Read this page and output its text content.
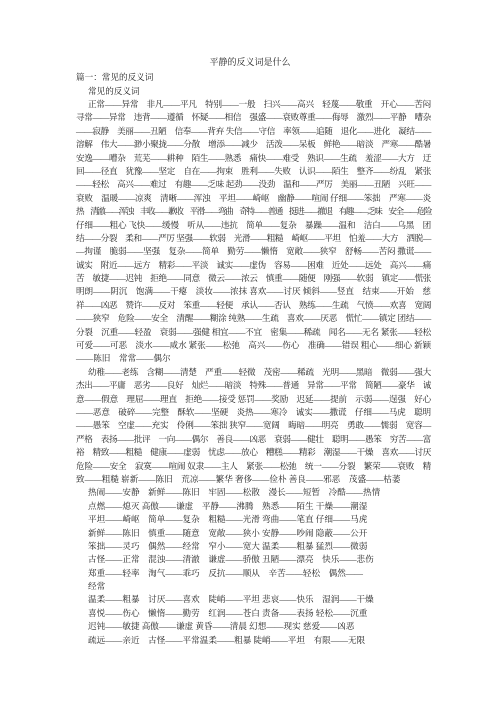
平静的反义词是什么
篇一：常见的反义词
常见的反义词
正常——异常　非凡——平凡　特别——一般　扫兴——高兴　轻蔑——敬重　开心——苦闷
寻常——异常　违背——遵循　怀疑——相信　强盛——衰败尊重——侮辱　激烈——平静　嘈杂
——寂静　美丽——丑陋　信奉——背弃 失信——守信　率领——追随　退化——进化　凝结——
溶解　伟大——渺小聚拢——分散　增添——减少　活泼——呆板　鲜艳——暗淡　严寒——酷暑
安逸——嘈杂　荒芜——耕种　陌生——熟悉　痛快——难受　熟识——生疏　羞涩——大方　迂
回——径直　犹豫——坚定　自在——拘束　胜利——失败　认识——陌生　整齐——纷乱　紧张
——轻松　高兴——难过　有趣——乏味 起劲——没劲　温和——严厉　美丽——丑陋　兴旺——
衰败　温暖——凉爽　清晰——浑浊　平坦——崎岖　幽静——喧闹 仔细——笨拙　严寒——炎
热　清澈——浑浊　丰收——歉收　平滑——弯曲　奇特——普通　挺进——撤退　有趣——乏味　安全——危险
仔细——粗心 飞快——缓慢　听从——违抗　简单——复杂　暴躁——温和　洁白——乌黑　团
结——分裂　柔和——严厉 坚强——软弱　光滑——粗糙　崎岖——平坦　怕羞——大方　洒脱—
—拘谨　脆弱——坚强　复杂——简单　勤劳——懒惰　宽敞——狭窄　舒畅——苦闷 撒谎——
诚实　附近——远方　精彩——平淡　诚实——虚伪　容易——困难　近处——远处　高兴——痛
苦　敏捷——迟钝　拒绝——同意　微云——浓云　慎重——随便　刚强——软弱　镇定——慌张
明朗——阴沉　饱满——干瘪　淡妆——浓抹 喜欢——讨厌 倾斜——竖直　结束——开始　慈
祥——凶恶　赞许——反对　笨重——轻便　承认——否认　熟练——生疏　气愤——欢喜　宽阔
——狭窄　危险——安全　清醒——糊涂 纯熟——生疏　喜欢——厌恶　慌忙——镇定 团结——
分裂　沉重——轻盈　衰弱——强健 相宜——不宜　密集——稀疏　闻名——无名 紧张——轻松
可爱——可恶　淡水——咸水 紧张——松弛　高兴——伤心　准确——错误 粗心——细心 新颖
——陈旧　常常——偶尔
幼稚——老练　含糊——清楚　严重——轻微　茂密——稀疏　光明——黑暗　微弱——强大
杰出——平庸　恶劣——良好　灿烂——暗淡　特殊——普通　异常——平常　简陋——豪华　诚
意——假意　理屈——理直　拒绝——接受 惩罚——奖励　迟延——提前　示弱——逞强　好心
——恶意　破碎——完整　酥软——坚硬　炎热——寒冷　诚实——撒谎　仔细——马虎　聪明
——愚笨　空虚——充实　伶俐——笨拙 狭窄——宽阔　晦暗——明亮　勇敢——懦弱　宽容—
严格　表扬——批评　一向——偶尔　善良——凶恶　衰弱——健壮　聪明——愚笨　穷苦——富
裕　精致——粗糙　健康——虚弱　忧虑——放心　糟糕——精彩　潮湿——干燥　喜欢——讨厌
危险——安全　寂寞——喧闹 奴隶——主人　紧张——松弛　统一——分裂　繁荣——衰败　精
致——粗糙 崭新——陈旧　荒凉——繁华 奢侈——俭朴 善良——邪恶　茂盛——枯萎
热闹——安静　新鲜——陈旧　牢固——松散　漫长——短暂　冷酷——热情
点燃——熄灭 高傲——谦虚　平静——沸腾　熟悉——陌生 干燥——潮湿
平坦——崎岖　简单——复杂　粗糙——光滑 弯曲——笔直 仔细——马虎
新鲜——陈旧　慎重——随意　宽敞——狭小 安静——吵闹 隐蔽——公开
笨拙——灵巧　偶然——经常　窄小——宽大 温柔——粗暴 猛烈——微弱
古怪——正常　混浊——清澈　谦虚——骄傲 丑陋——漂亮　快乐——悲伤
郑重——轻率　淘气——乖巧　反抗——顺从　辛苦——轻松　偶然——
经常
温柔——粗暴　讨厌——喜欢　陡峭——平坦 悲哀——快乐　湿润——干燥
喜悦——伤心　懒惰——勤劳　红润——苍白 责备——表扬 轻松——沉重
迟钝——敏捷 高傲——谦虚 黄昏——清晨 幻想——现实 慈爱——凶恶
疏远——亲近　古怪——平常温柔——粗暴 陡峭——平坦　有限——无限
